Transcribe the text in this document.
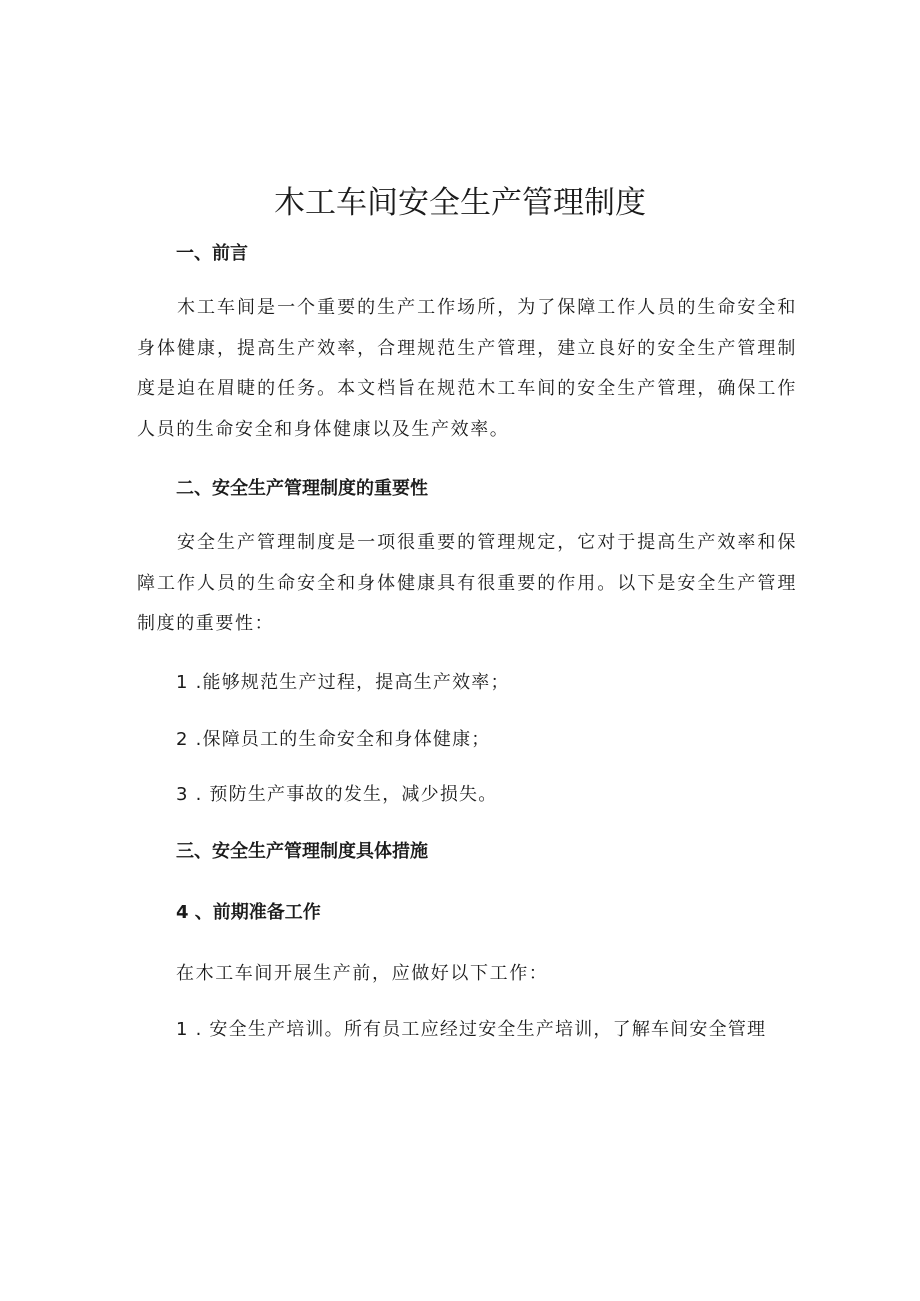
木工车间安全生产管理制度
一、前言

木工车间是一个重要的生产工作场所，为了保障工作人员的生命安全和身体健康，提高生产效率，合理规范生产管理，建立良好的安全生产管理制度是迫在眉睫的任务。本文档旨在规范木工车间的安全生产管理，确保工作人员的生命安全和身体健康以及生产效率。

二、安全生产管理制度的重要性

安全生产管理制度是一项很重要的管理规定，它对于提高生产效率和保障工作人员的生命安全和身体健康具有很重要的作用。以下是安全生产管理制度的重要性：

1 .能够规范生产过程，提高生产效率；

2 .保障员工的生命安全和身体健康；

3 . 预防生产事故的发生，减少损失。

三、安全生产管理制度具体措施
4 、前期准备工作

在木工车间开展生产前，应做好以下工作：

1 . 安全生产培训。所有员工应经过安全生产培训，了解车间安全管理
